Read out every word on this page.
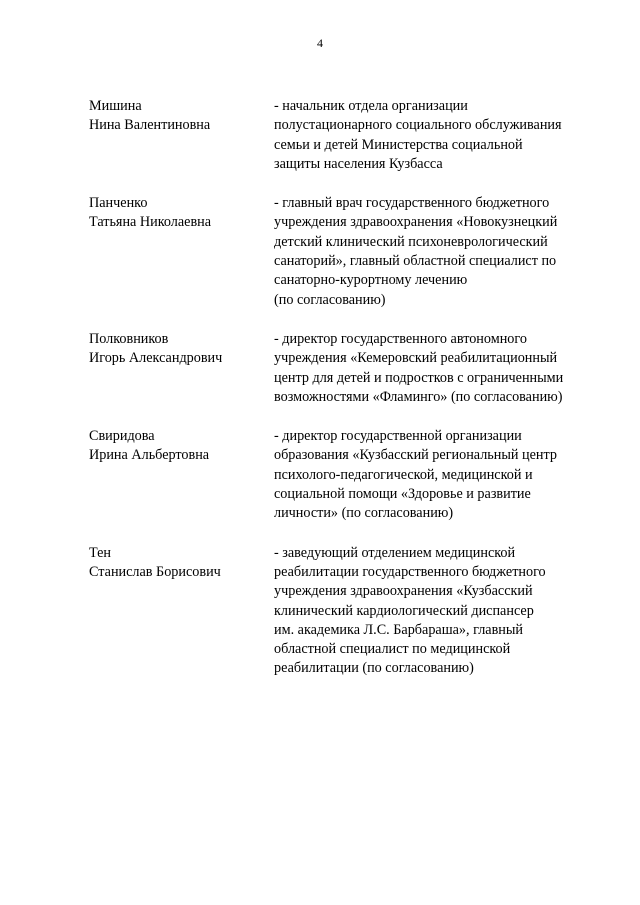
4
Мишина
Нина Валентиновна
- начальник отдела организации
полустационарного социального обслуживания
семьи и детей Министерства социальной
защиты населения Кузбасса
Панченко
Татьяна Николаевна
- главный врач государственного бюджетного
учреждения здравоохранения «Новокузнецкий
детский клинический психоневрологический
санаторий», главный областной специалист по
санаторно-курортному лечению
(по согласованию)
Полковников
Игорь Александрович
- директор государственного автономного
учреждения «Кемеровский реабилитационный
центр для детей и подростков с ограниченными
возможностями «Фламинго» (по согласованию)
Свиридова
Ирина Альбертовна
- директор государственной организации
образования «Кузбасский региональный центр
психолого-педагогической, медицинской и
социальной помощи «Здоровье и развитие
личности» (по согласованию)
Тен
Станислав Борисович
- заведующий отделением медицинской
реабилитации государственного бюджетного
учреждения здравоохранения «Кузбасский
клинический кардиологический диспансер
им. академика Л.С. Барбараша», главный
областной специалист по медицинской
реабилитации (по согласованию)
